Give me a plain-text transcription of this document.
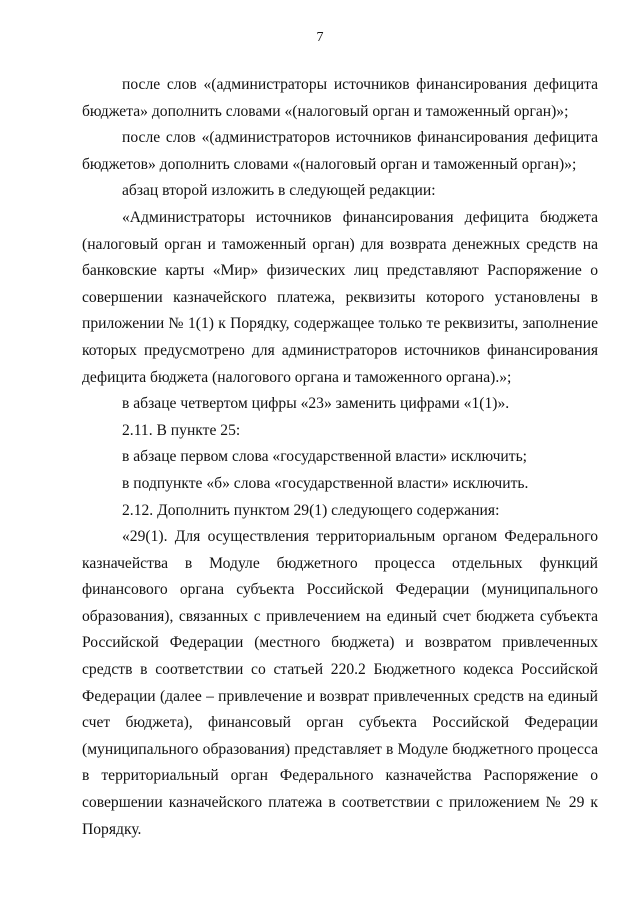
7

после слов «(администраторы источников финансирования дефицита бюджета» дополнить словами «(налоговый орган и таможенный орган)»;

после слов «(администраторов источников финансирования дефицита бюджетов» дополнить словами «(налоговый орган и таможенный орган)»;

абзац второй изложить в следующей редакции:

«Администраторы источников финансирования дефицита бюджета (налоговый орган и таможенный орган) для возврата денежных средств на банковские карты «Мир» физических лиц представляют Распоряжение о совершении казначейского платежа, реквизиты которого установлены в приложении № 1(1) к Порядку, содержащее только те реквизиты, заполнение которых предусмотрено для администраторов источников финансирования дефицита бюджета (налогового органа и таможенного органа).»;

в абзаце четвертом цифры «23» заменить цифрами «1(1)».

2.11. В пункте 25:

в абзаце первом слова «государственной власти» исключить;

в подпункте «б» слова «государственной власти» исключить.

2.12. Дополнить пунктом 29(1) следующего содержания:

«29(1). Для осуществления территориальным органом Федерального казначейства в Модуле бюджетного процесса отдельных функций финансового органа субъекта Российской Федерации (муниципального образования), связанных с привлечением на единый счет бюджета субъекта Российской Федерации (местного бюджета) и возвратом привлеченных средств в соответствии со статьей 220.2 Бюджетного кодекса Российской Федерации (далее – привлечение и возврат привлеченных средств на единый счет бюджета), финансовый орган субъекта Российской Федерации (муниципального образования) представляет в Модуле бюджетного процесса в территориальный орган Федерального казначейства Распоряжение о совершении казначейского платежа в соответствии с приложением № 29 к Порядку.
